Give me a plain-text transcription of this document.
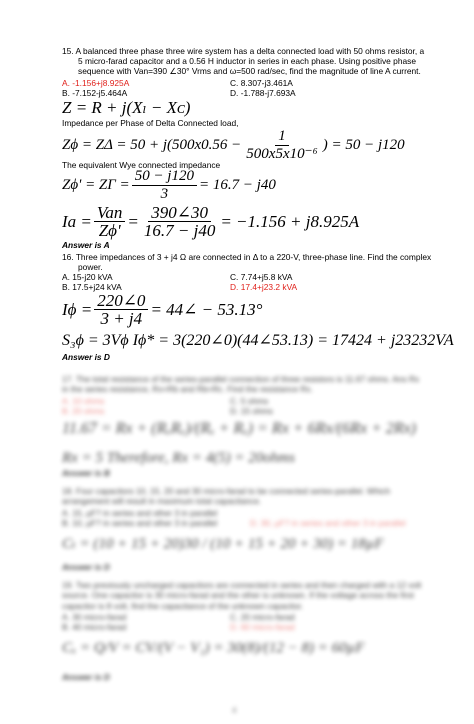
15. A balanced three phase three wire system has a delta connected load with 50 ohms resistor, a
5 micro-farad capacitor and a 0.56 H inductor in series in each phase. Using positive phase
sequence with Van=390 ∠30° Vrms and ω=500 rad/sec, find the magnitude of line A current.
A. -1.156+j8.925A	C. 8.307-j3.461A
B. -7.152-j5.464A	D. -1.788-j7.693A
Z = R + j(Xₗ − Xᴄ)
Impedance per Phase of Delta Connected load,
$Z\phi = Z\Delta = 50 + j(500x0.56 - \frac{1}{\text{500x5x10⁻⁶}}$ ) = 50 − j120
The equivalent Wye connected impedance
$Z\phi' = Z\Gamma = \frac{50 - j120}{3} = 16.7 - j40$
$Ia = \frac{\text{Van}}{Z\phi'} = \frac{390\angle 30}{16.7 - j40} = -1.156 + j8.925A$
Answer is A
16. Three impedances of 3 + j4 Ω are connected in Δ to a 220-V, three-phase line. Find the complex
power.
A. 15-j20 kVA	C. 7.74+j5.8 kVA
B. 17.5+j24 kVA	D. 17.4+j23.2 kVA
$I\phi = \frac{220\angle 0}{3 + j4}$ = 44∠ − 53.13°
S₃ϕ = 3Vϕ Iϕ* = 3(220∠0)(44∠53.13) = 17424 + j23232VA
Answer is D
17. The total resistance of the series-parallel connection of three resistors is 11.67 ohms. Ans Rx in the series resistance, Rx=Rb and Rb=Rc. Find the resistance Rx.
A. 10 ohms	C. 5 ohms
B. 20 ohms	D. 15 ohms
11.67 = Rx + (RₓRₓ)/(Rₓ + Rₓ) = Rx + 6Rx/(6Rx + 2Rx)
Rx = 5 Therefore, Rx = 4(5) = 20ohms
Answer is B
18. Four capacitors 10, 15, 20 and 30 micro-farad to be connected series-parallel. Which arrangement will result in maximum total capacitance.
A. 15, µF? in series and other 3 in parallel
B. 10, µF? in series and other 3 in parallel	D. 30, µF? in series and other 3 in parallel
Cₜ = (10 + 15 + 20)30 / (10 + 15 + 20 + 30) = 18µF
Answer is D
19. Two previously uncharged capacitors are connected in series and then charged with a 12 volt source. One capacitor is 30 micro-farad and the other is unknown. If the voltage across the first capacitor is 8 volt, find the capacitance of the unknown capacitor.
A. 30 micro-farad	C. 20 micro-farad
B. 40 micro-farad	D. 60 micro-farad
Cₓ = Q/V = CV/(V − V₁) = 30(8)/(12 − 8) = 60µF
Answer is D
4
